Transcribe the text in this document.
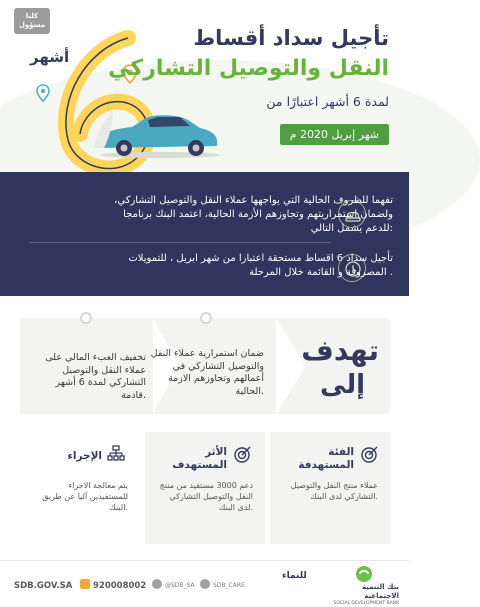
كلنا مسؤول
أشهر
تأجيل سداد أقساط
النقل والتوصيل التشاركي
لمدة 6 أشهر اعتبارًا من
شهر إبريل 2020 م
تفهما للظروف الحالية التي يواجهها عملاء النقل والتوصيل التشاركي، ولضمان استمراريتهم وتجاوزهم الأزمة الحالية، اعتمد البنك برنامجا للدعم يشمل التالي:
تأجيل سداد 6 اقساط مستحقة اعتبارا من شهر ابريل ، للتمويلات المصروفة و القائمة خلال المرحلة .
تهدف
إلى
ضمان استمرارية عملاء النقل والتوصيل التشاركي في أعمالهم وتجاوزهم الازمة الحالية.
تخفيف العبء المالي على عملاء النقل والتوصيل التشاركي لمدة 6 أشهر قادمة.
الفئة
المستهدفة
عملاء منتج النقل والتوصيل التشاركي لدى البنك.
الأثر
المستهدف
دعم 3000 مستفيد من منتج النقل والتوصيل التشاركي لدى البنك.
الإجراء
يتم معالجة الاجراء للمستفيدين آليا عن طريق البنك.
SDB.GOV.SA 920008002	@SDB_SA	SDB_CARE
للنماء
بنك التنمية الاجتماعية
SOCIAL DEVELOPMENT BANK
